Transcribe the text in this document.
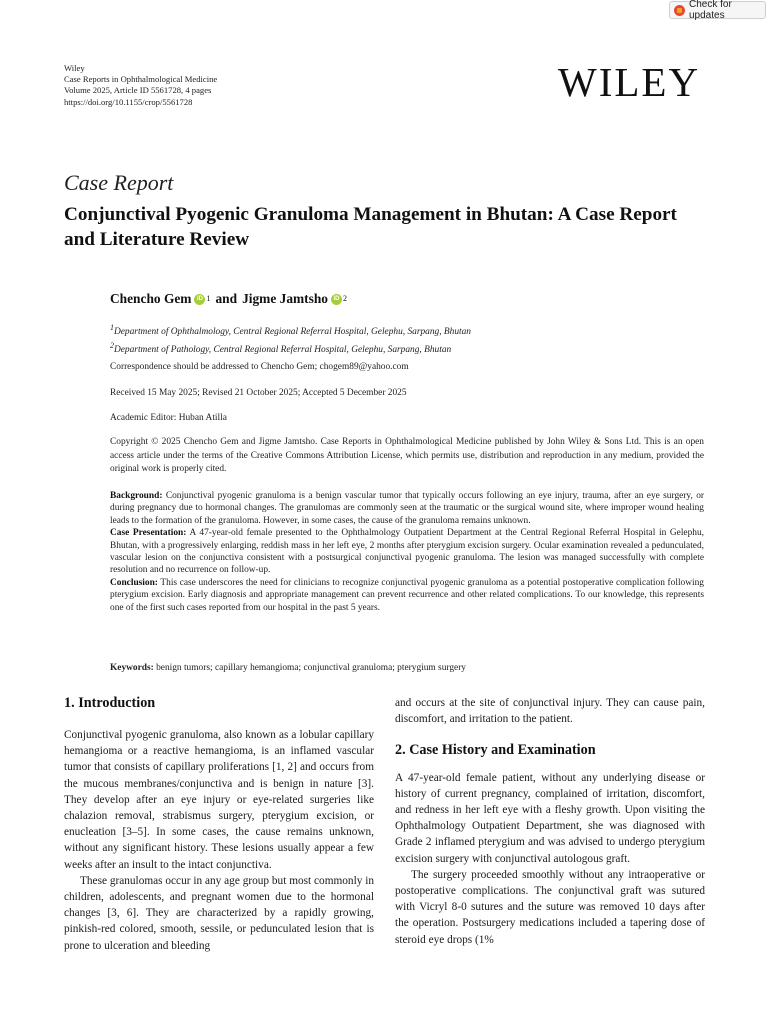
Check for updates
Wiley
Case Reports in Ophthalmological Medicine
Volume 2025, Article ID 5561728, 4 pages
https://doi.org/10.1155/crop/5561728	WILEY
Case Report
Conjunctival Pyogenic Granuloma Management in Bhutan: A Case Report and Literature Review
Chencho Gem iD $^1$ and Jigme Jamtsho iD $^2$
$^1$Department of Ophthalmology, Central Regional Referral Hospital, Gelephu, Sarpang, Bhutan
$^2$Department of Pathology, Central Regional Referral Hospital, Gelephu, Sarpang, Bhutan
Correspondence should be addressed to Chencho Gem; chogem89@yahoo.com
Received 15 May 2025; Revised 21 October 2025; Accepted 5 December 2025
Academic Editor: Huban Atilla
Copyright © 2025 Chencho Gem and Jigme Jamtsho. Case Reports in Ophthalmological Medicine published by John Wiley & Sons Ltd. This is an open access article under the terms of the Creative Commons Attribution License, which permits use, distribution and reproduction in any medium, provided the original work is properly cited.

Background: Conjunctival pyogenic granuloma is a benign vascular tumor that typically occurs following an eye injury, trauma, after an eye surgery, or during pregnancy due to hormonal changes. The granulomas are commonly seen at the traumatic or the surgical wound site, where improper wound healing leads to the formation of the granuloma. However, in some cases, the cause of the granuloma remains unknown.

Case Presentation: A 47-year-old female presented to the Ophthalmology Outpatient Department at the Central Regional Referral Hospital in Gelephu, Bhutan, with a progressively enlarging, reddish mass in her left eye, 2 months after pterygium excision surgery. Ocular examination revealed a pedunculated, vascular lesion on the conjunctiva consistent with a postsurgical conjunctival pyogenic granuloma. The lesion was managed successfully with complete resolution and no recurrence on follow-up.

Conclusion: This case underscores the need for clinicians to recognize conjunctival pyogenic granuloma as a potential postoperative complication following pterygium excision. Early diagnosis and appropriate management can prevent recurrence and other related complications. To our knowledge, this represents one of the first such cases reported from our hospital in the past 5 years.

Keywords: benign tumors; capillary hemangioma; conjunctival granuloma; pterygium surgery
1. Introduction

Conjunctival pyogenic granuloma, also known as a lobular capillary hemangioma or a reactive hemangioma, is an inflamed vascular tumor that consists of capillary proliferations [1, 2] and occurs from the mucous membranes/conjunctiva and is benign in nature [3]. They develop after an eye injury or eye-related surgeries like chalazion removal, strabismus surgery, pterygium excision, or enucleation [3–5]. In some cases, the cause remains unknown, without any significant history. These lesions usually appear a few weeks after an insult to the intact conjunctiva.

These granulomas occur in any age group but most commonly in children, adolescents, and pregnant women due to the hormonal changes [3, 6]. They are characterized by a rapidly growing, pinkish-red colored, smooth, sessile, or pedunculated lesion that is prone to ulceration and bleeding

and occurs at the site of conjunctival injury. They can cause pain, discomfort, and irritation to the patient.

2. Case History and Examination

A 47-year-old female patient, without any underlying disease or history of current pregnancy, complained of irritation, discomfort, and redness in her left eye with a fleshy growth. Upon visiting the Ophthalmology Outpatient Department, she was diagnosed with Grade 2 inflamed pterygium and was advised to undergo pterygium excision surgery with conjunctival autologous graft.

The surgery proceeded smoothly without any intraoperative or postoperative complications. The conjunctival graft was sutured with Vicryl 8-0 sutures and the suture was removed 10 days after the operation. Postsurgery medications included a tapering dose of steroid eye drops (1%
